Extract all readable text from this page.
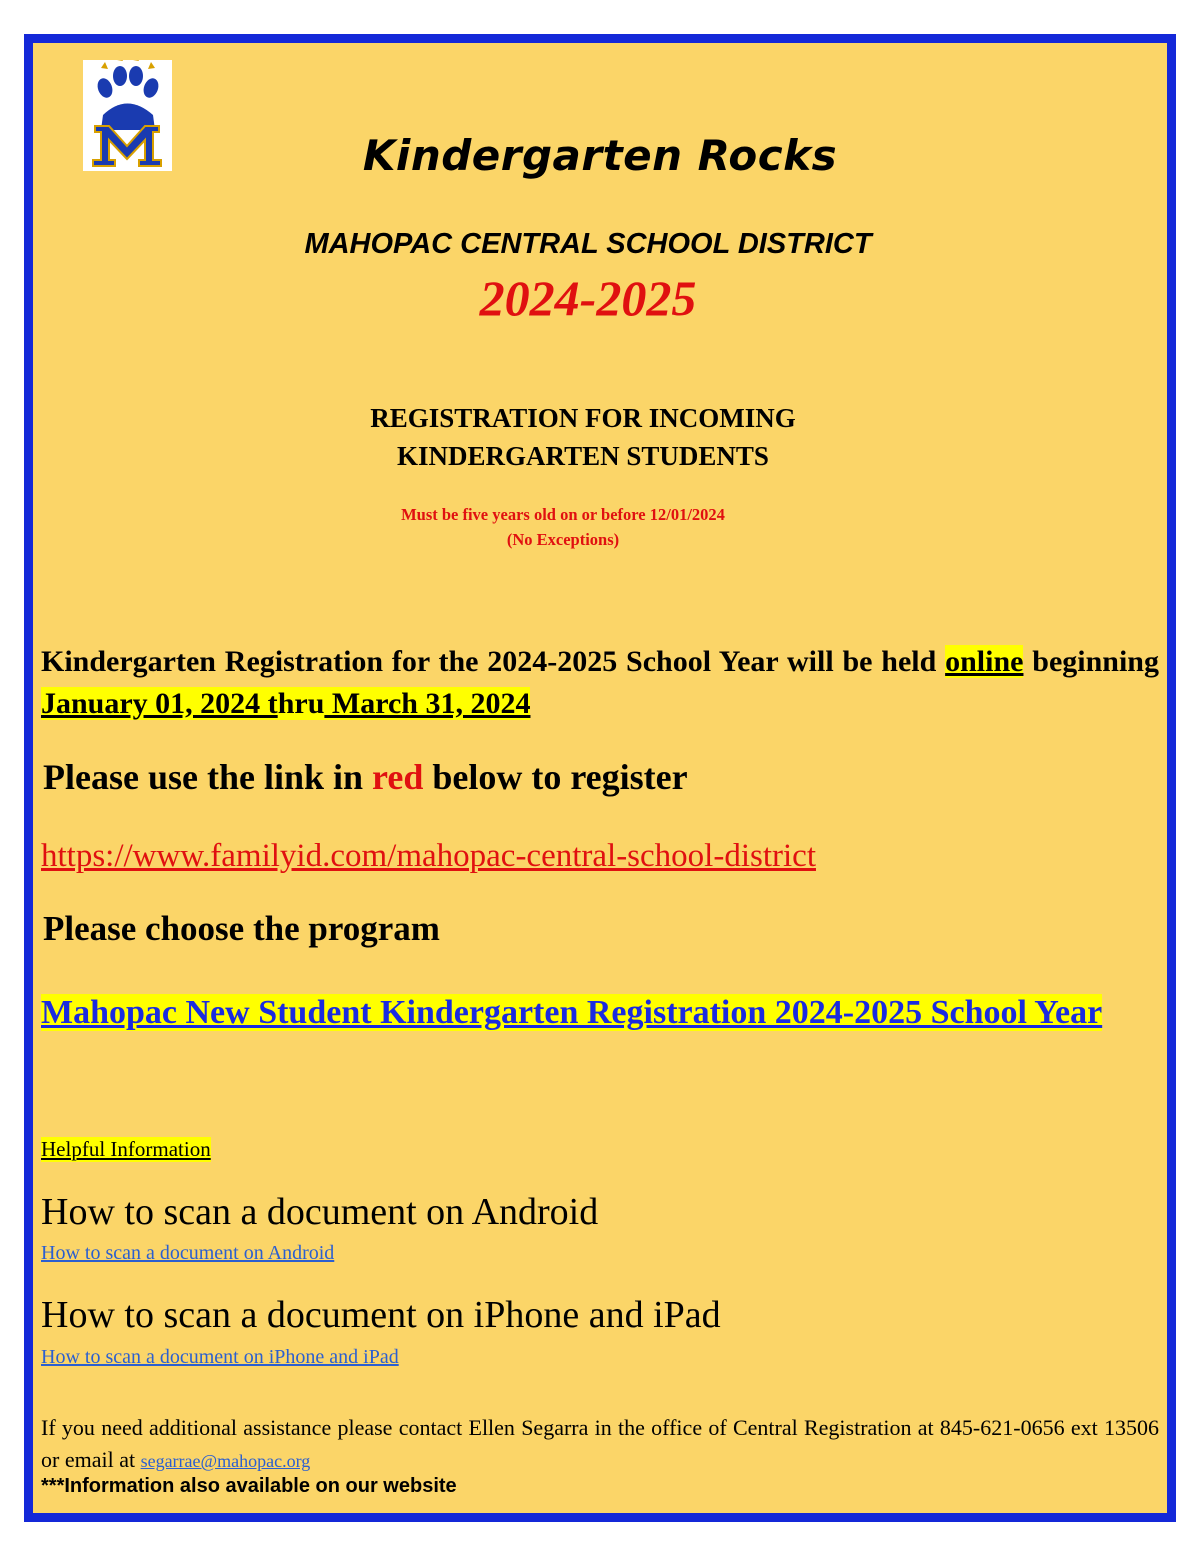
Kindergarten Rocks
MAHOPAC CENTRAL SCHOOL DISTRICT
2024-2025
REGISTRATION FOR INCOMING
KINDERGARTEN STUDENTS
Must be five years old on or before 12/01/2024
(No Exceptions)
Kindergarten Registration for the 2024-2025 School Year will be held online beginning January 01, 2024 thru March 31, 2024
Please use the link in red below to register
https://www.familyid.com/mahopac-central-school-district
Please choose the program
Mahopac New Student Kindergarten Registration 2024-2025 School Year
Helpful Information
How to scan a document on Android
How to scan a document on Android
How to scan a document on iPhone and iPad
How to scan a document on iPhone and iPad
If you need additional assistance please contact Ellen Segarra in the office of Central Registration at 845-621-0656 ext 13506 or email at segarrae@mahopac.org
***Information also available on our website
